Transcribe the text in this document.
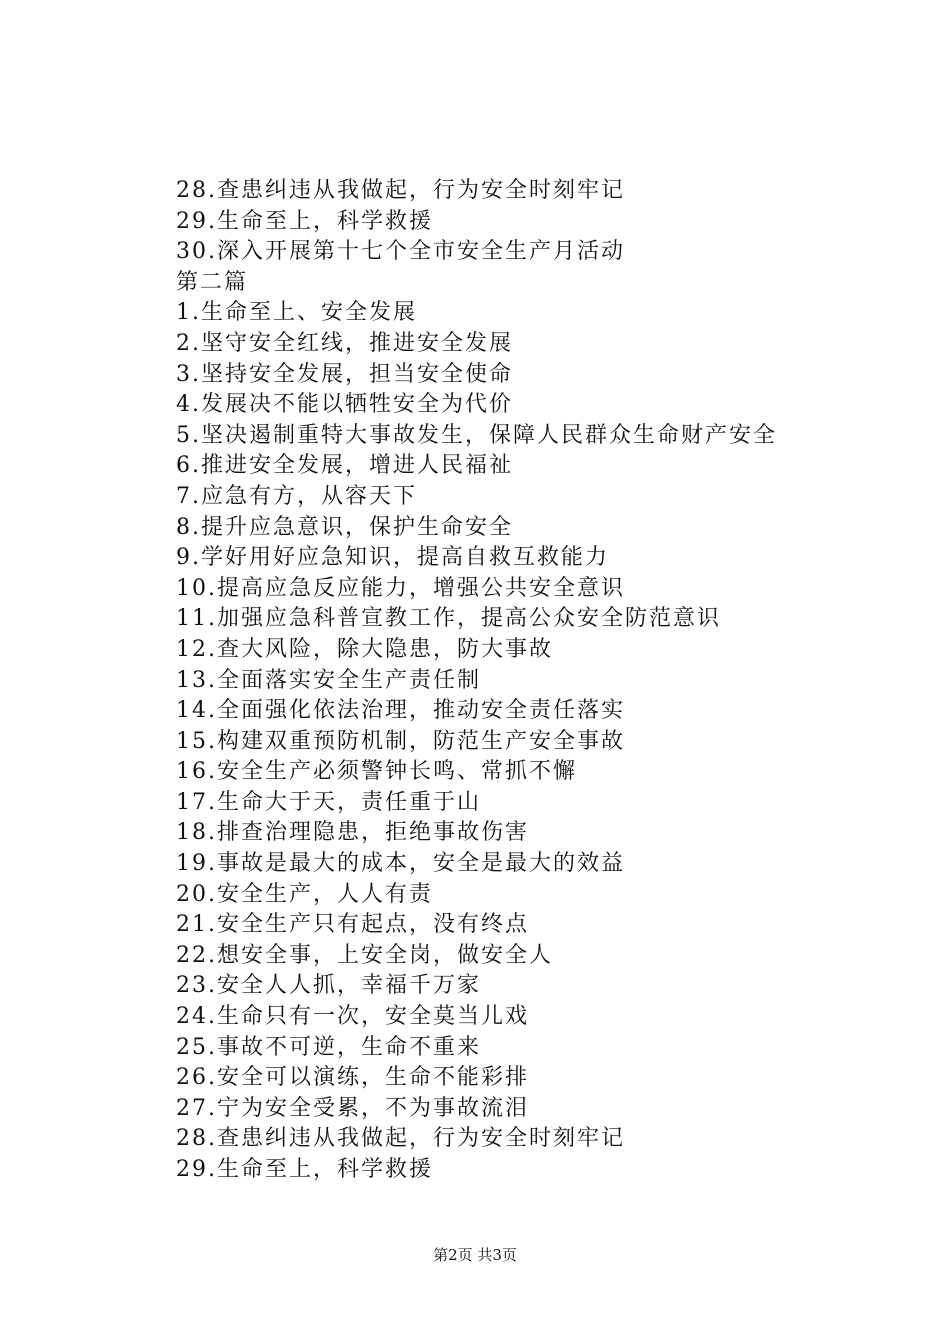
28.查患纠违从我做起，行为安全时刻牢记
29.生命至上，科学救援
30.深入开展第十七个全市安全生产月活动
第二篇
1.生命至上、安全发展
2.坚守安全红线，推进安全发展
3.坚持安全发展，担当安全使命
4.发展决不能以牺牲安全为代价
5.坚决遏制重特大事故发生，保障人民群众生命财产安全
6.推进安全发展，增进人民福祉
7.应急有方，从容天下
8.提升应急意识，保护生命安全
9.学好用好应急知识，提高自救互救能力
10.提高应急反应能力，增强公共安全意识
11.加强应急科普宣教工作，提高公众安全防范意识
12.查大风险，除大隐患，防大事故
13.全面落实安全生产责任制
14.全面强化依法治理，推动安全责任落实
15.构建双重预防机制，防范生产安全事故
16.安全生产必须警钟长鸣、常抓不懈
17.生命大于天，责任重于山
18.排查治理隐患，拒绝事故伤害
19.事故是最大的成本，安全是最大的效益
20.安全生产，人人有责
21.安全生产只有起点，没有终点
22.想安全事，上安全岗，做安全人
23.安全人人抓，幸福千万家
24.生命只有一次，安全莫当儿戏
25.事故不可逆，生命不重来
26.安全可以演练，生命不能彩排
27.宁为安全受累，不为事故流泪
28.查患纠违从我做起，行为安全时刻牢记
29.生命至上，科学救援
第2页 共3页
